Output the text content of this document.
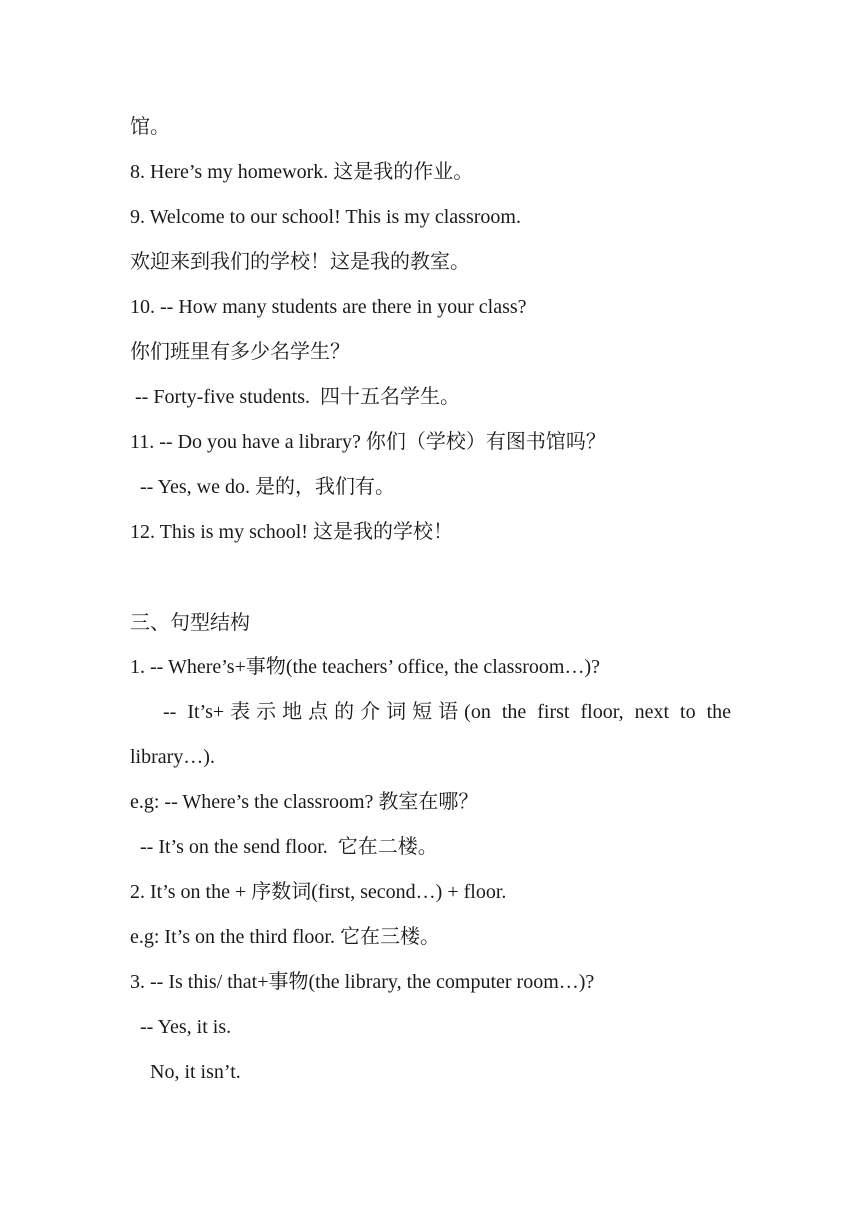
馆。
8. Here’s my homework. 这是我的作业。
9. Welcome to our school! This is my classroom.
欢迎来到我们的学校！这是我的教室。
10. -- How many students are there in your class?
你们班里有多少名学生？
-- Forty-five students.  四十五名学生。
11. -- Do you have a library? 你们（学校）有图书馆吗？
-- Yes, we do. 是的，我们有。
12. This is my school! 这是我的学校！
三、句型结构
1. -- Where’s+事物(the teachers’ office, the classroom…)?
-- It’s+表示地点的介词短语(on the first floor, next to the
library…).
e.g: -- Where’s the classroom? 教室在哪？
-- It’s on the send floor.  它在二楼。
2. It’s on the + 序数词(first, second…) + floor.
e.g: It’s on the third floor. 它在三楼。
3. -- Is this/ that+事物(the library, the computer room…)?
-- Yes, it is.
No, it isn’t.
